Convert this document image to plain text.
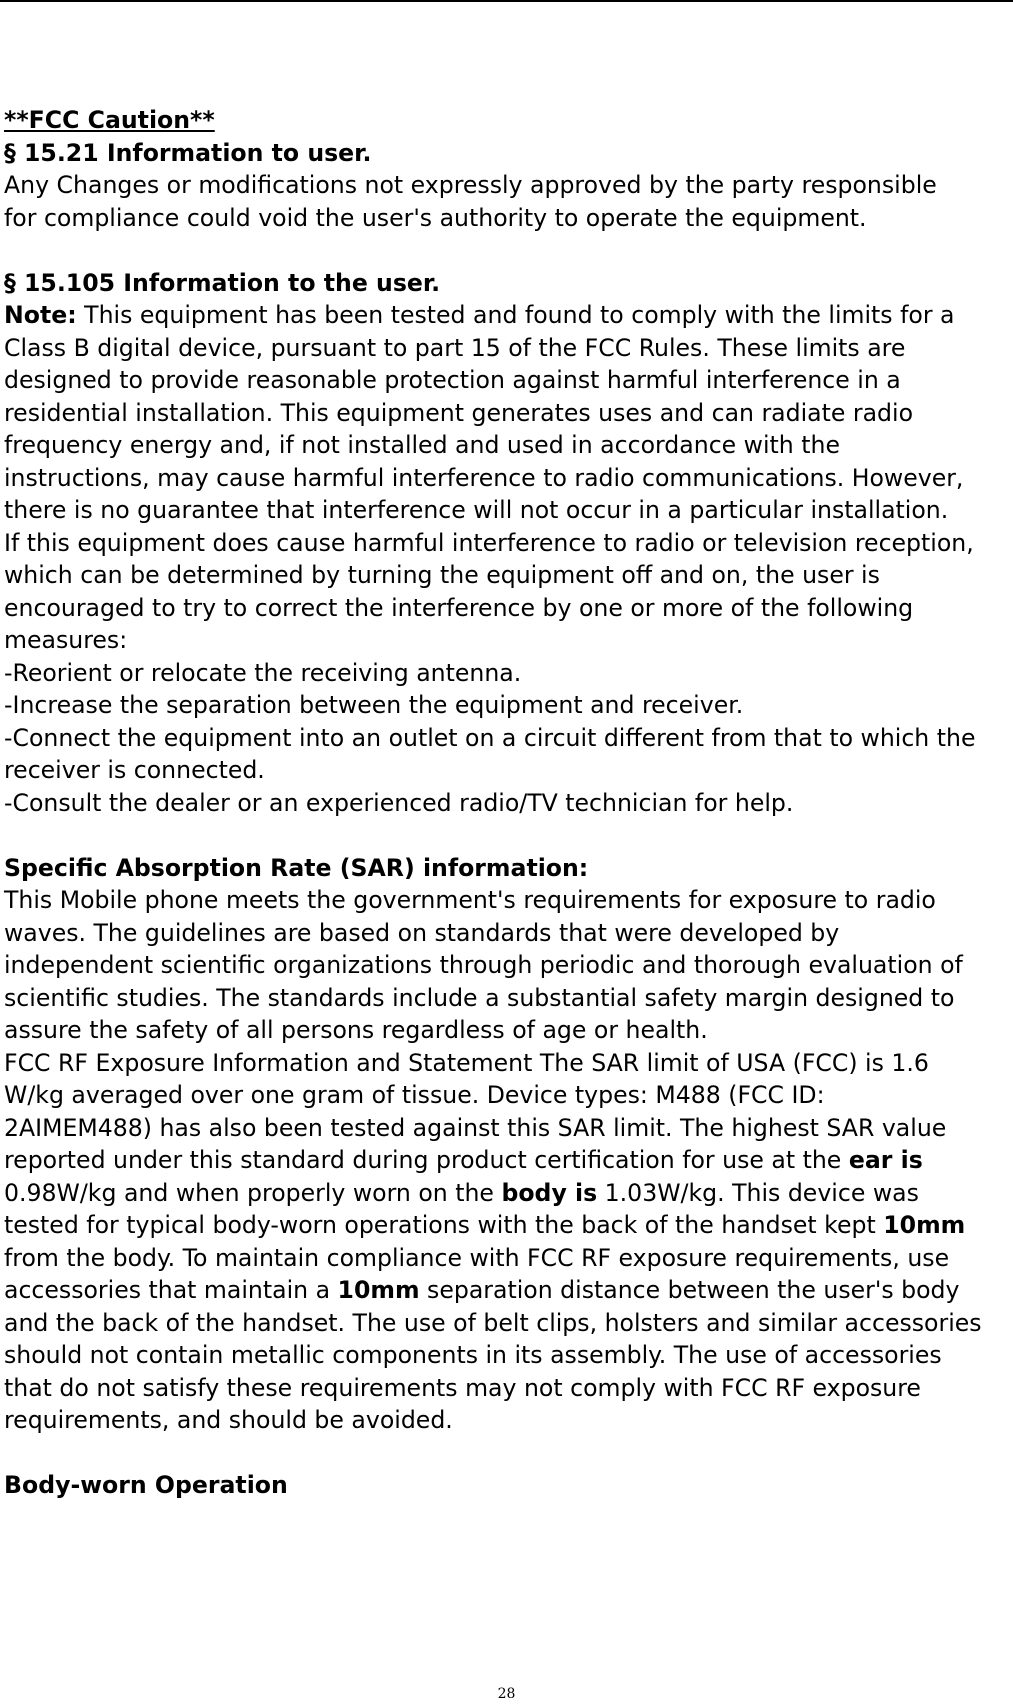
**FCC Caution**
§ 15.21 Information to user.
Any Changes or modifications not expressly approved by the party responsible
for compliance could void the user's authority to operate the equipment.
§ 15.105 Information to the user.
Note: This equipment has been tested and found to comply with the limits for a
Class B digital device, pursuant to part 15 of the FCC Rules. These limits are
designed to provide reasonable protection against harmful interference in a
residential installation. This equipment generates uses and can radiate radio
frequency energy and, if not installed and used in accordance with the
instructions, may cause harmful interference to radio communications. However,
there is no guarantee that interference will not occur in a particular installation.
If this equipment does cause harmful interference to radio or television reception,
which can be determined by turning the equipment off and on, the user is
encouraged to try to correct the interference by one or more of the following
measures:
-Reorient or relocate the receiving antenna.
-Increase the separation between the equipment and receiver.
-Connect the equipment into an outlet on a circuit different from that to which the
receiver is connected.
-Consult the dealer or an experienced radio/TV technician for help.
Specific Absorption Rate (SAR) information:
This Mobile phone meets the government's requirements for exposure to radio
waves. The guidelines are based on standards that were developed by
independent scientific organizations through periodic and thorough evaluation of
scientific studies. The standards include a substantial safety margin designed to
assure the safety of all persons regardless of age or health.
FCC RF Exposure Information and Statement The SAR limit of USA (FCC) is 1.6
W/kg averaged over one gram of tissue. Device types: M488 (FCC ID:
2AIMEM488) has also been tested against this SAR limit. The highest SAR value
reported under this standard during product certification for use at the ear is
0.98W/kg and when properly worn on the body is 1.03W/kg. This device was
tested for typical body-worn operations with the back of the handset kept 10mm
from the body. To maintain compliance with FCC RF exposure requirements, use
accessories that maintain a 10mm separation distance between the user's body
and the back of the handset. The use of belt clips, holsters and similar accessories
should not contain metallic components in its assembly. The use of accessories
that do not satisfy these requirements may not comply with FCC RF exposure
requirements, and should be avoided.
Body-worn Operation
28
